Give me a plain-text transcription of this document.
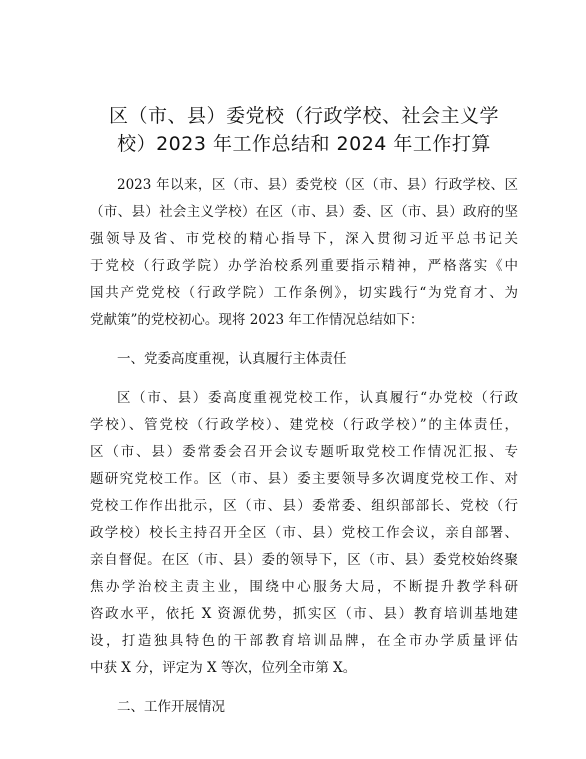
区（市、县）委党校（行政学校、社会主义学
校）2023 年工作总结和 2024 年工作打算

2023 年以来，区（市、县）委党校（区（市、县）行政学校、区
（市、县）社会主义学校）在区（市、县）委、区（市、县）政府的坚
强领导及省、市党校的精心指导下，深入贯彻习近平总书记关
于党校（行政学院）办学治校系列重要指示精神，严格落实《中
国共产党党校（行政学院）工作条例》，切实践行“为党育才、为
党献策”的党校初心。现将 2023 年工作情况总结如下：

一、党委高度重视，认真履行主体责任

区（市、县）委高度重视党校工作，认真履行“办党校（行政
学校）、管党校（行政学校）、建党校（行政学校）”的主体责任，
区（市、县）委常委会召开会议专题听取党校工作情况汇报、专
题研究党校工作。区（市、县）委主要领导多次调度党校工作、对
党校工作作出批示，区（市、县）委常委、组织部部长、党校（行
政学校）校长主持召开全区（市、县）党校工作会议，亲自部署、
亲自督促。在区（市、县）委的领导下，区（市、县）委党校始终聚
焦办学治校主责主业，围绕中心服务大局，不断提升教学科研
咨政水平，依托 X 资源优势，抓实区（市、县）教育培训基地建
设，打造独具特色的干部教育培训品牌，在全市办学质量评估
中获 X 分，评定为 X 等次，位列全市第 X。

二、工作开展情况
